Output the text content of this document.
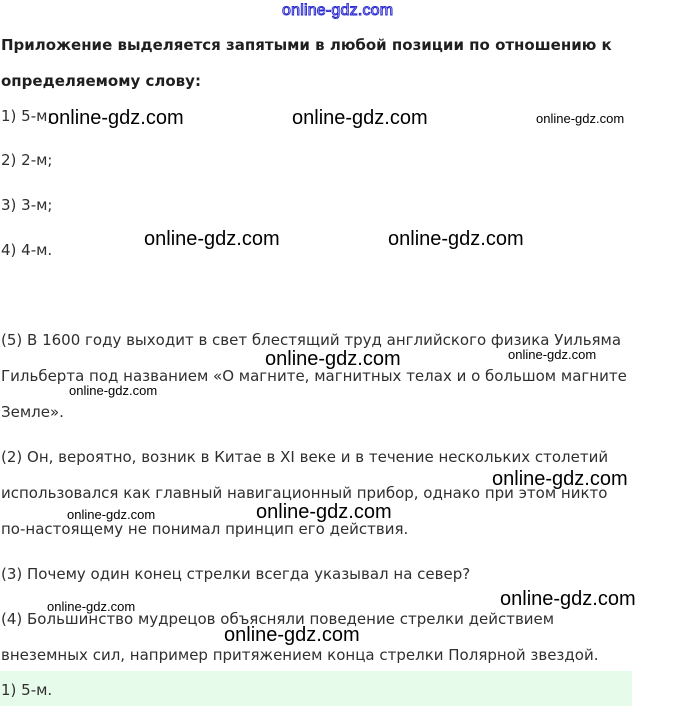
online-gdz.com
Приложение выделяется запятыми в любой позиции по отношению к
определяемому слову:
1) 5-м;
2) 2-м;
3) 3-м;
4) 4-м.
(5) В 1600 году выходит в свет блестящий труд английского физика Уильяма
Гильберта под названием «О магните, магнитных телах и о большом магните
Земле».
(2) Он, вероятно, возник в Китае в XI веке и в течение нескольких столетий
использовался как главный навигационный прибор, однако при этом никто
по-настоящему не понимал принцип его действия.
(3) Почему один конец стрелки всегда указывал на север?
(4) Большинство мудрецов объясняли поведение стрелки действием
внеземных сил, например притяжением конца стрелки Полярной звездой.
1) 5-м.
online-gdz.com	online-gdz.com	online-gdz.com
online-gdz.com	online-gdz.com
online-gdz.com	online-gdz.com
online-gdz.com
online-gdz.com
online-gdz.com
online-gdz.com
online-gdz.com
online-gdz.com
online-gdz.com
